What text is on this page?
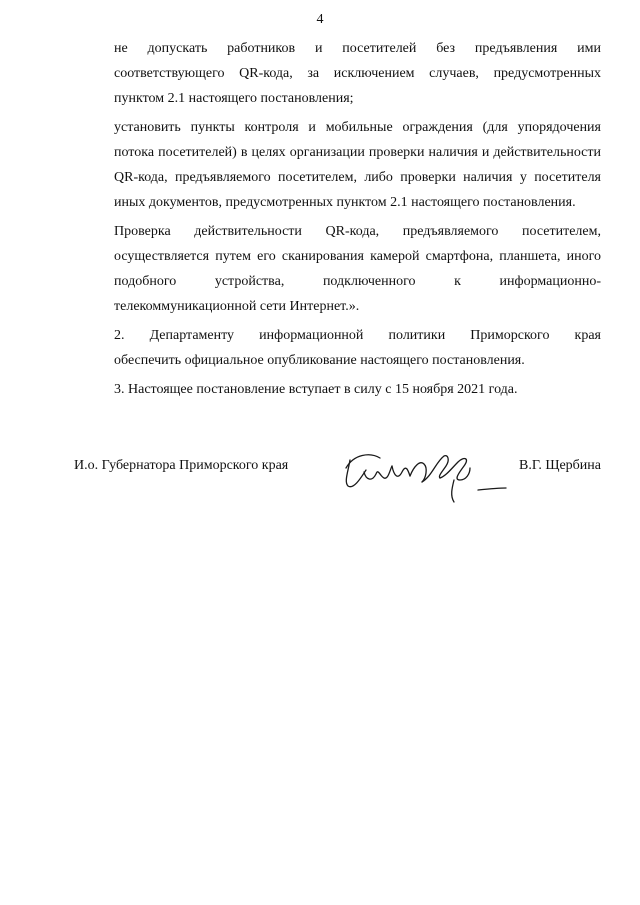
4

не допускать работников и посетителей без предъявления ими
соответствующего QR-кода, за исключением случаев, предусмотренных
пунктом 2.1 настоящего постановления;

установить пункты контроля и мобильные ограждения (для упорядочения
потока посетителей) в целях организации проверки наличия и действительности
QR-кода, предъявляемого посетителем, либо проверки наличия у посетителя
иных документов, предусмотренных пунктом 2.1 настоящего постановления.

Проверка действительности QR-кода, предъявляемого посетителем,
осуществляется путем его сканирования камерой смартфона, планшета, иного
подобного устройства, подключенного к информационно-
телекоммуникационной сети Интернет.».

2. Департаменту информационной политики Приморского края
обеспечить официальное опубликование настоящего постановления.

3. Настоящее постановление вступает в силу с 15 ноября 2021 года.

И.о. Губернатора Приморского края	В.Г. Щербина
